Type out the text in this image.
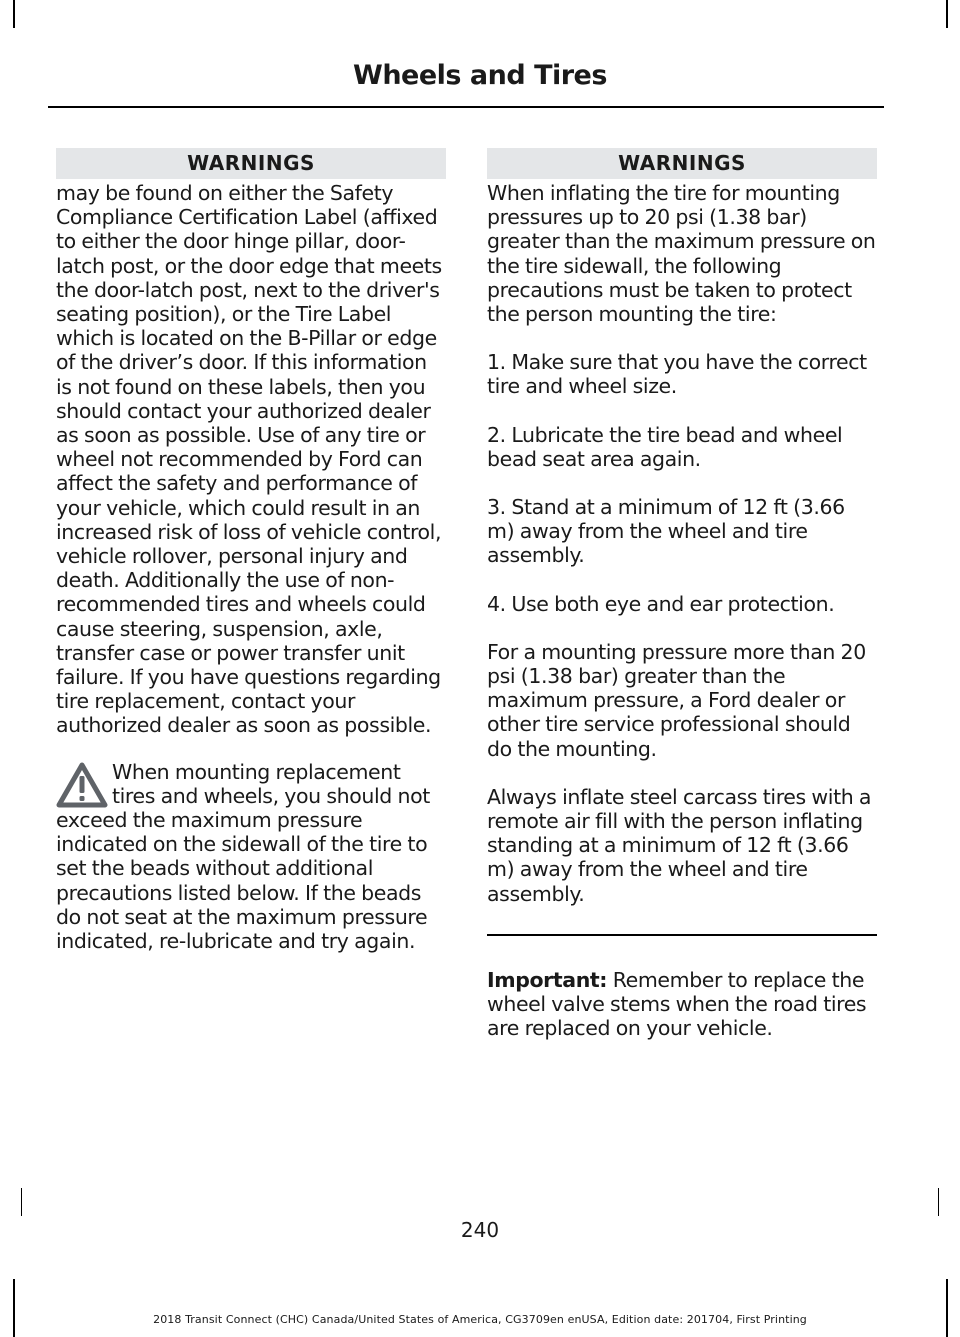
Wheels and Tires
WARNINGS

may be found on either the Safety Compliance Certification Label (affixed to either the door hinge pillar, door-latch post, or the door edge that meets the door-latch post, next to the driver's seating position), or the Tire Label which is located on the B-Pillar or edge of the driver’s door. If this information is not found on these labels, then you should contact your authorized dealer as soon as possible. Use of any tire or wheel not recommended by Ford can affect the safety and performance of your vehicle, which could result in an increased risk of loss of vehicle control, vehicle rollover, personal injury and death. Additionally the use of non-recommended tires and wheels could cause steering, suspension, axle, transfer case or power transfer unit failure. If you have questions regarding tire replacement, contact your authorized dealer as soon as possible.

When mounting replacement tires and wheels, you should not exceed the maximum pressure indicated on the sidewall of the tire to set the beads without additional precautions listed below. If the beads do not seat at the maximum pressure indicated, re-lubricate and try again.

WARNINGS

When inflating the tire for mounting pressures up to 20 psi (1.38 bar) greater than the maximum pressure on the tire sidewall, the following precautions must be taken to protect the person mounting the tire:

1. Make sure that you have the correct tire and wheel size.

2. Lubricate the tire bead and wheel bead seat area again.

3. Stand at a minimum of 12 ft (3.66 m) away from the wheel and tire assembly.

4. Use both eye and ear protection.

For a mounting pressure more than 20 psi (1.38 bar) greater than the maximum pressure, a Ford dealer or other tire service professional should do the mounting.

Always inflate steel carcass tires with a remote air fill with the person inflating standing at a minimum of 12 ft (3.66 m) away from the wheel and tire assembly.

Important: Remember to replace the wheel valve stems when the road tires are replaced on your vehicle.

240
2018 Transit Connect (CHC) Canada/United States of America, CG3709en enUSA, Edition date: 201704, First Printing
